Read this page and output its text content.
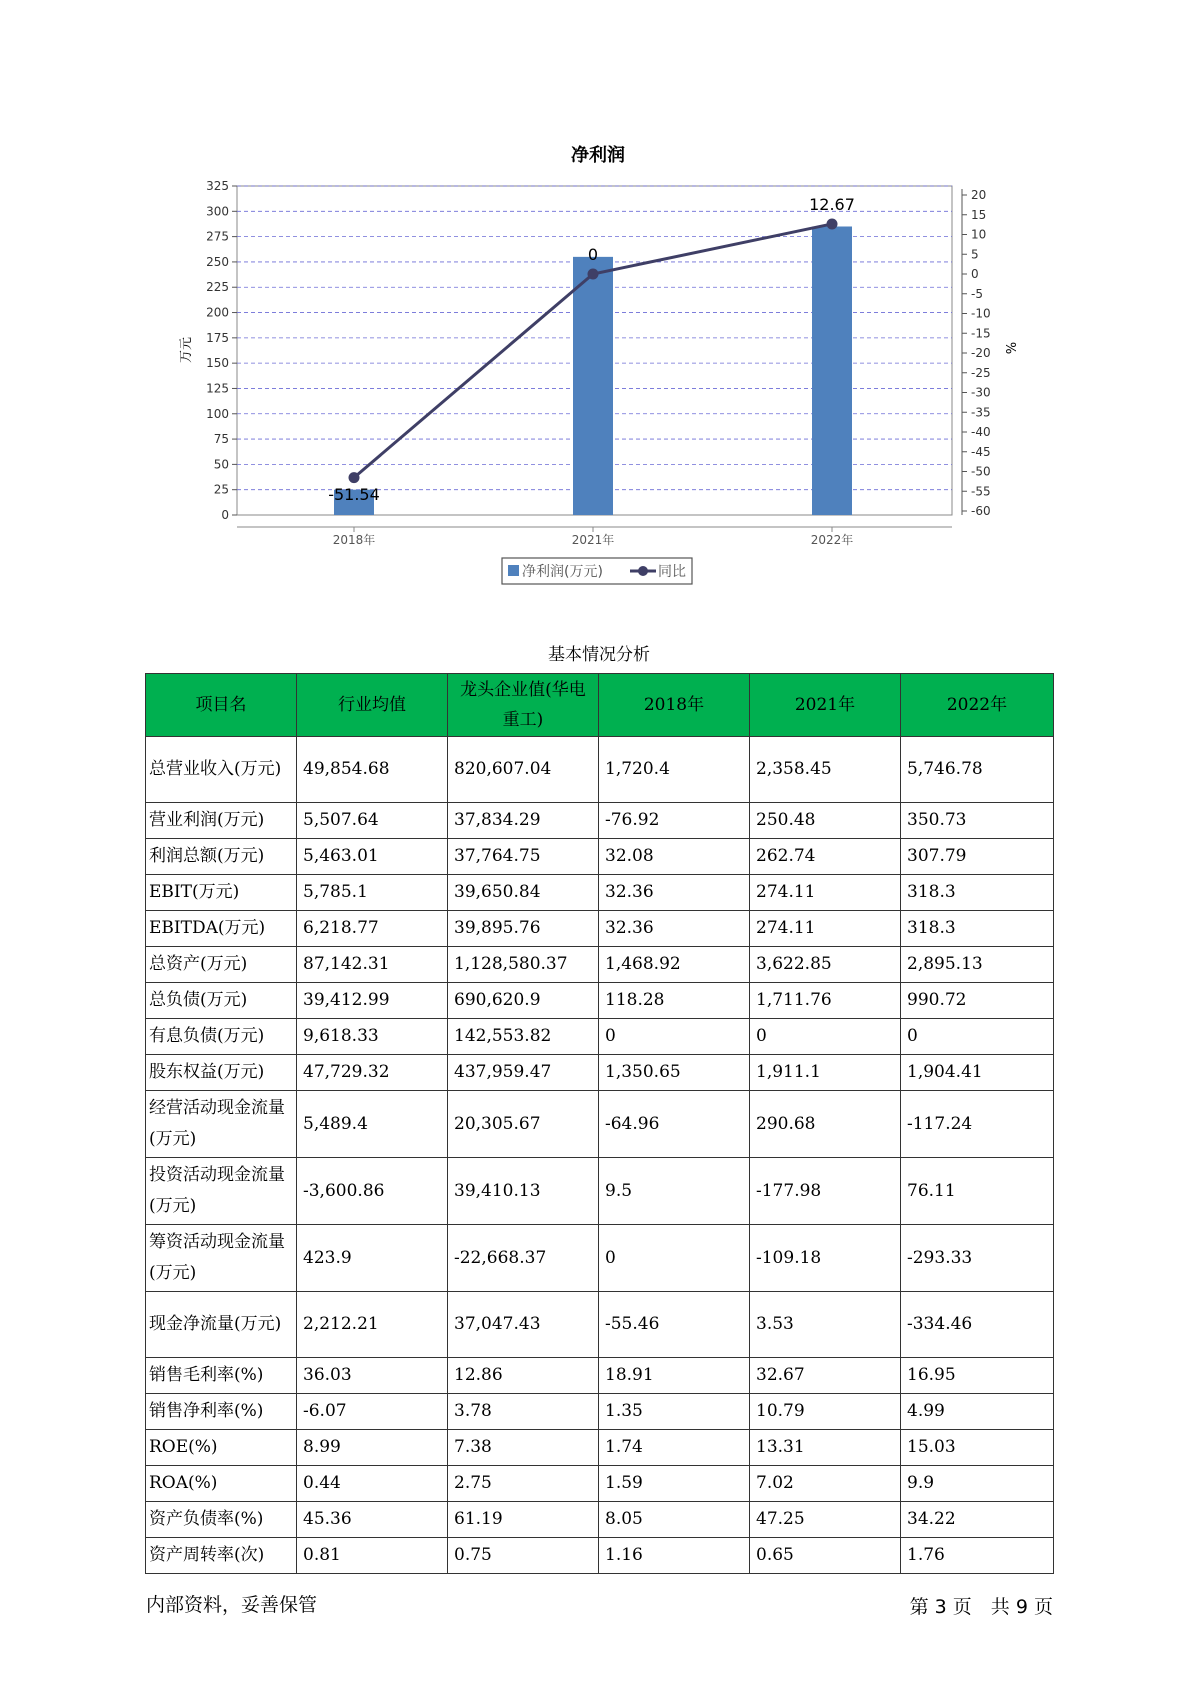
净利润
0
25
50
75
100
125
150
175
200
225
250
275
300
325
20
15
10
5
0
-5
-10
-15
-20
-25
-30
-35
-40
-45
-50
-55
-60
%
万元
2018年	2021年	2022年
-51.54
0
12.67
净利润(万元)	同比
基本情况分析
项目名	行业均值	龙头企业值(华电重工)	2018年	2021年	2022年
总营业收入(万元)	49,854.68	820,607.04	1,720.4	2,358.45	5,746.78
营业利润(万元)	5,507.64	37,834.29	-76.92	250.48	350.73
利润总额(万元)	5,463.01	37,764.75	32.08	262.74	307.79
EBIT(万元)	5,785.1	39,650.84	32.36	274.11	318.3
EBITDA(万元)	6,218.77	39,895.76	32.36	274.11	318.3
总资产(万元)	87,142.31	1,128,580.37	1,468.92	3,622.85	2,895.13
总负债(万元)	39,412.99	690,620.9	118.28	1,711.76	990.72
有息负债(万元)	9,618.33	142,553.82	0	0	0
股东权益(万元)	47,729.32	437,959.47	1,350.65	1,911.1	1,904.41
经营活动现金流量(万元)	5,489.4	20,305.67	-64.96	290.68	-117.24
投资活动现金流量(万元)	-3,600.86	39,410.13	9.5	-177.98	76.11
筹资活动现金流量(万元)	423.9	-22,668.37	0	-109.18	-293.33
现金净流量(万元)	2,212.21	37,047.43	-55.46	3.53	-334.46
销售毛利率(%)	36.03	12.86	18.91	32.67	16.95
销售净利率(%)	-6.07	3.78	1.35	10.79	4.99
ROE(%)	8.99	7.38	1.74	13.31	15.03
ROA(%)	0.44	2.75	1.59	7.02	9.9
资产负债率(%)	45.36	61.19	8.05	47.25	34.22
资产周转率(次)	0.81	0.75	1.16	0.65	1.76
内部资料，妥善保管	第 3 页　共 9 页
